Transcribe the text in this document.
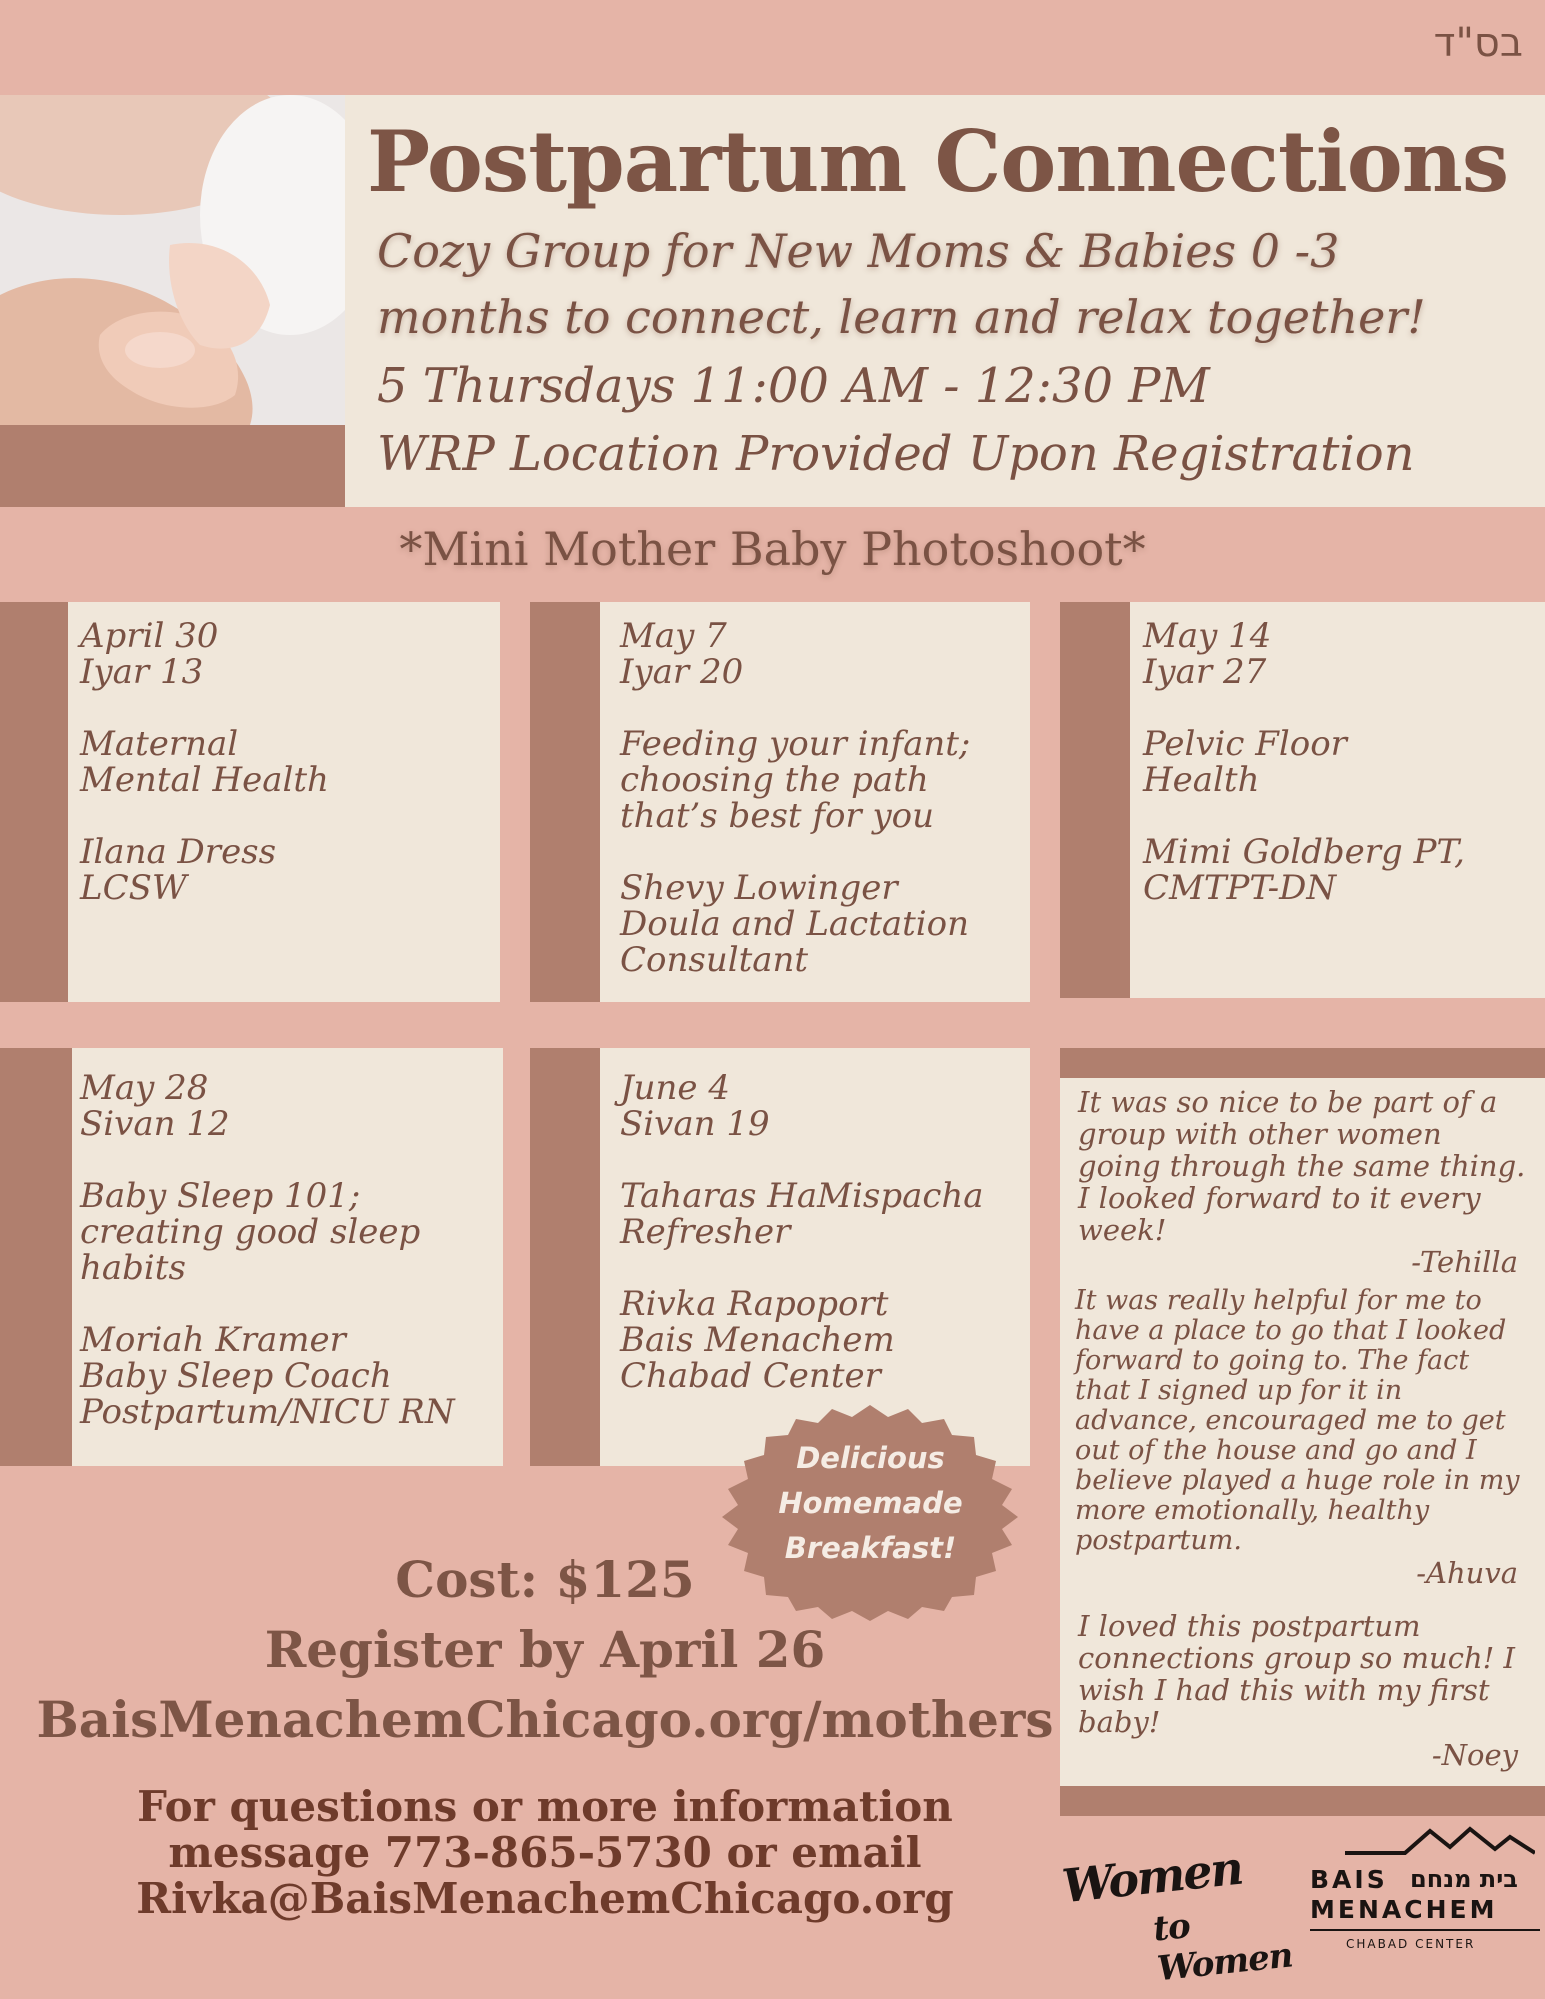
בס"ד
Postpartum Connections
Cozy Group for New Moms & Babies 0 -3
months to connect, learn and relax together!
5 Thursdays 11:00 AM - 12:30 PM
WRP Location Provided Upon Registration
*Mini Mother Baby Photoshoot*
April 30
Iyar 13
Maternal
Mental Health
Ilana Dress
LCSW
May 7
Iyar 20
Feeding your infant;
choosing the path
that’s best for you
Shevy Lowinger
Doula and Lactation
Consultant
May 14
Iyar 27
Pelvic Floor
Health
Mimi Goldberg PT,
CMTPT-DN
May 28
Sivan 12
Baby Sleep 101;
creating good sleep
habits
Moriah Kramer
Baby Sleep Coach
Postpartum/NICU RN
June 4
Sivan 19
Taharas HaMispacha
Refresher
Rivka Rapoport
Bais Menachem
Chabad Center
It was so nice to be part of a group with other women going through the same thing. I looked forward to it every week!
-Tehilla
It was really helpful for me to have a place to go that I looked forward to going to. The fact that I signed up for it in advance, encouraged me to get out of the house and go and I believe played a huge role in my more emotionally, healthy postpartum.
-Ahuva
I loved this postpartum connections group so much! I wish I had this with my first baby!
-Noey
Delicious
Homemade
Breakfast!
Cost: $125
Register by April 26
BaisMenachemChicago.org/mothers
For questions or more information
message 773-865-5730 or email
Rivka@BaisMenachemChicago.org	Women
to Women
BAIS בית מנחם
MENACHEM
CHABAD CENTER
